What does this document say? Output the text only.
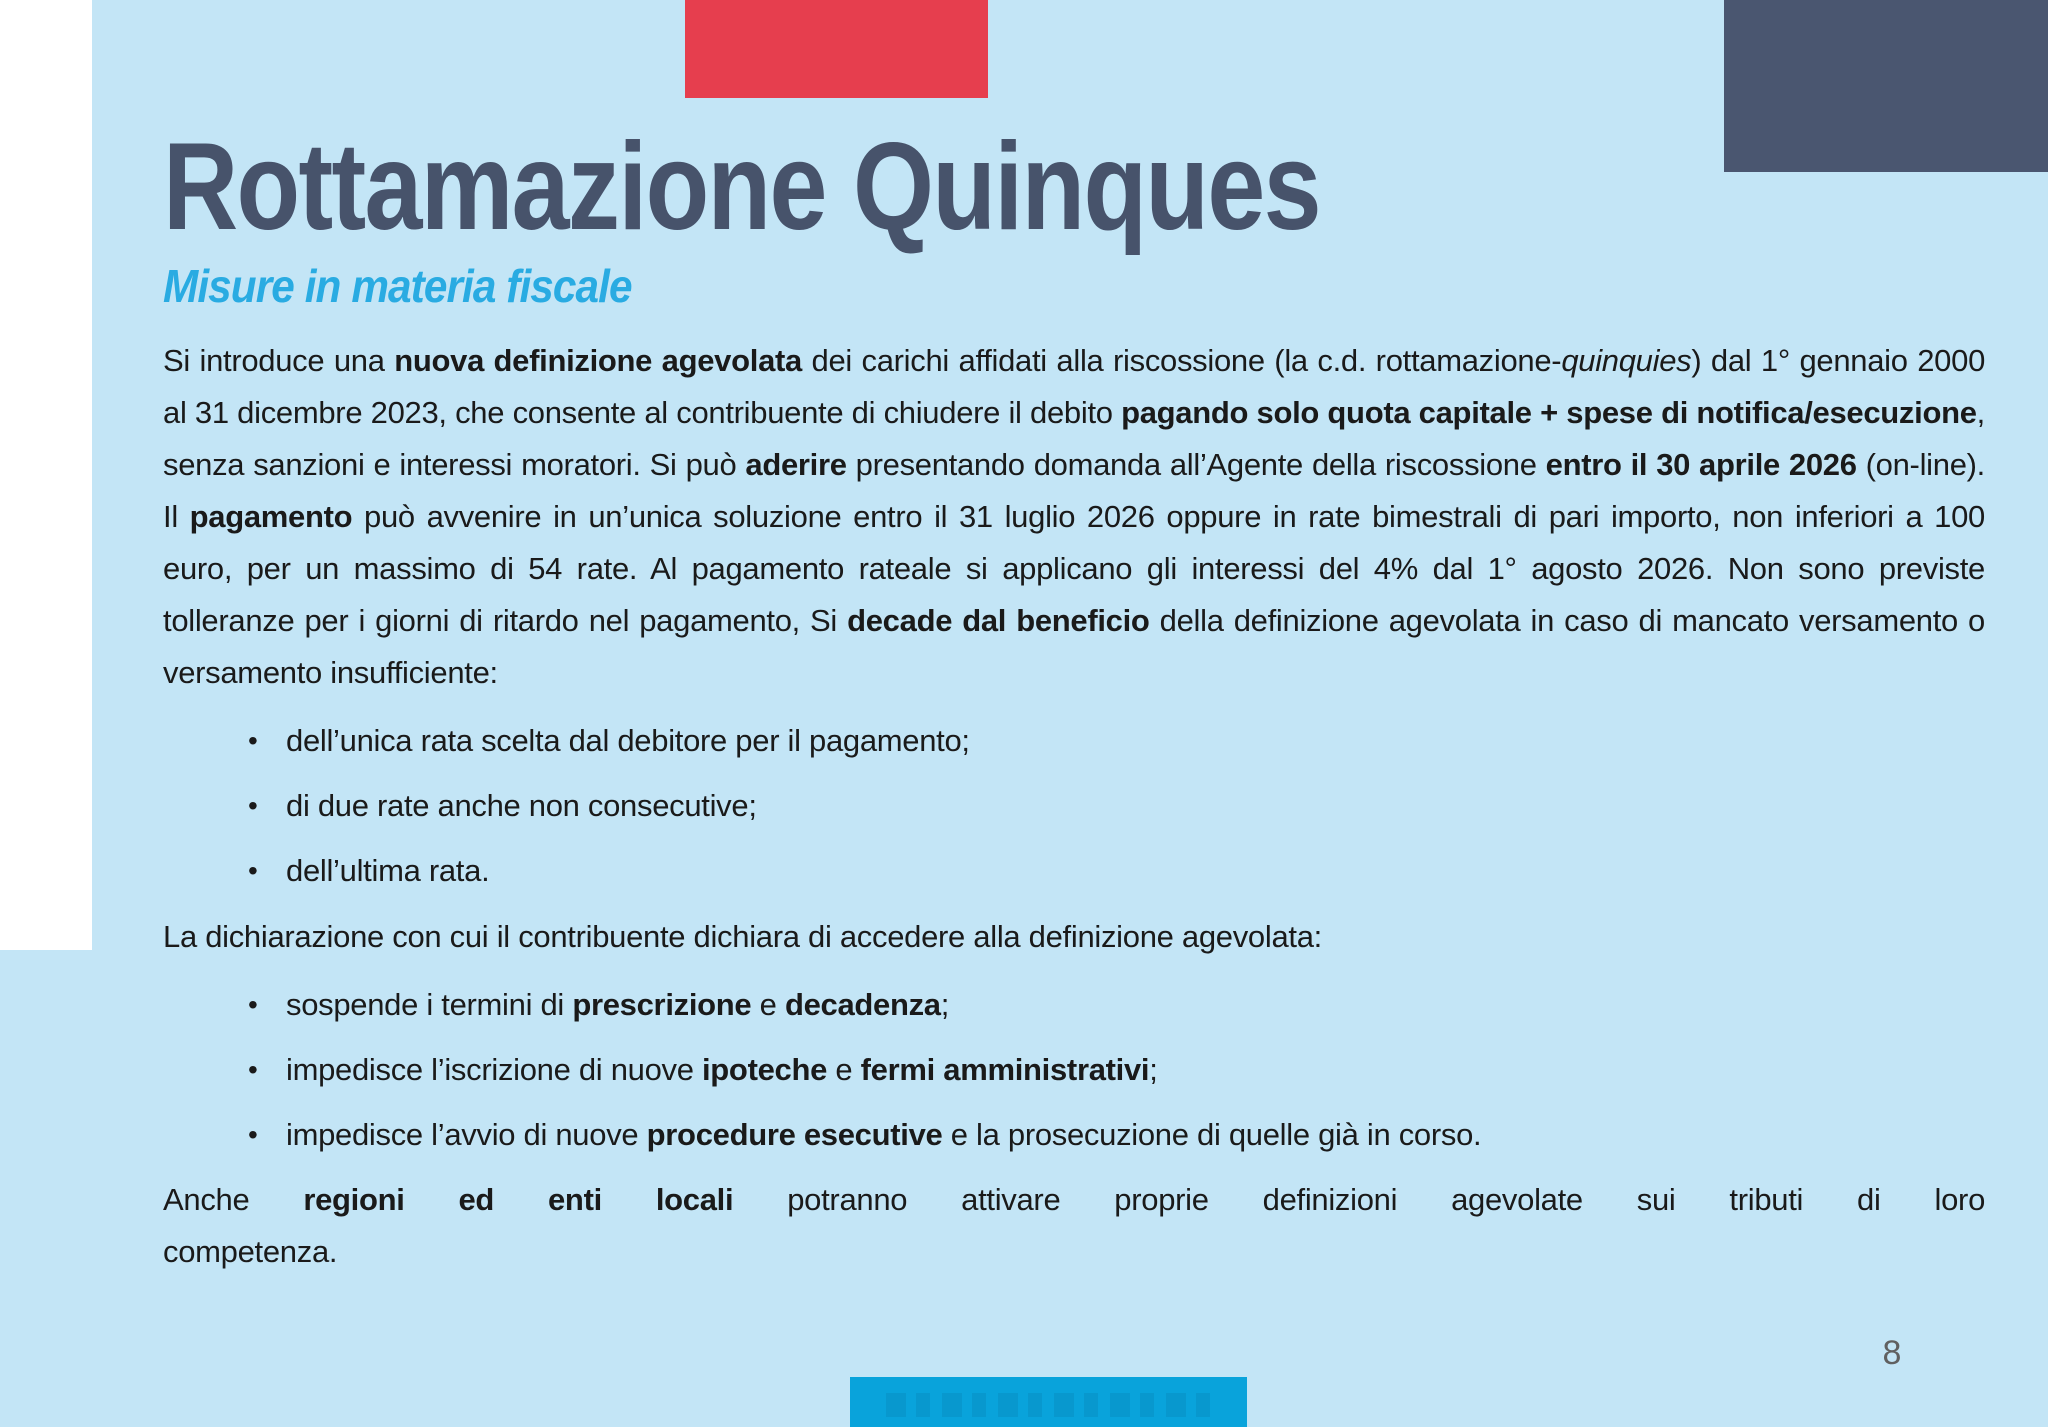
Rottamazione Quinques
Misure in materia fiscale
Si introduce una nuova definizione agevolata dei carichi affidati alla riscossione (la c.d. rottamazione-quinquies) dal 1° gennaio 2000 al 31 dicembre 2023, che consente al contribuente di chiudere il debito pagando solo quota capitale + spese di notifica/esecuzione, senza sanzioni e interessi moratori. Si può aderire presentando domanda all’Agente della riscossione entro il 30 aprile 2026 (on-line). Il pagamento può avvenire in un’unica soluzione entro il 31 luglio 2026 oppure in rate bimestrali di pari importo, non inferiori a 100 euro, per un massimo di 54 rate. Al pagamento rateale si applicano gli interessi del 4% dal 1° agosto 2026. Non sono previste tolleranze per i giorni di ritardo nel pagamento, Si decade dal beneficio della definizione agevolata in caso di mancato versamento o versamento insufficiente:
• dell’unica rata scelta dal debitore per il pagamento;
• di due rate anche non consecutive;
• dell’ultima rata.
La dichiarazione con cui il contribuente dichiara di accedere alla definizione agevolata:
• sospende i termini di prescrizione e decadenza;
• impedisce l’iscrizione di nuove ipoteche e fermi amministrativi;
• impedisce l’avvio di nuove procedure esecutive e la prosecuzione di quelle già in corso.
Anche regioni ed enti locali potranno attivare proprie definizioni agevolate sui tributi di loro
competenza.
8
